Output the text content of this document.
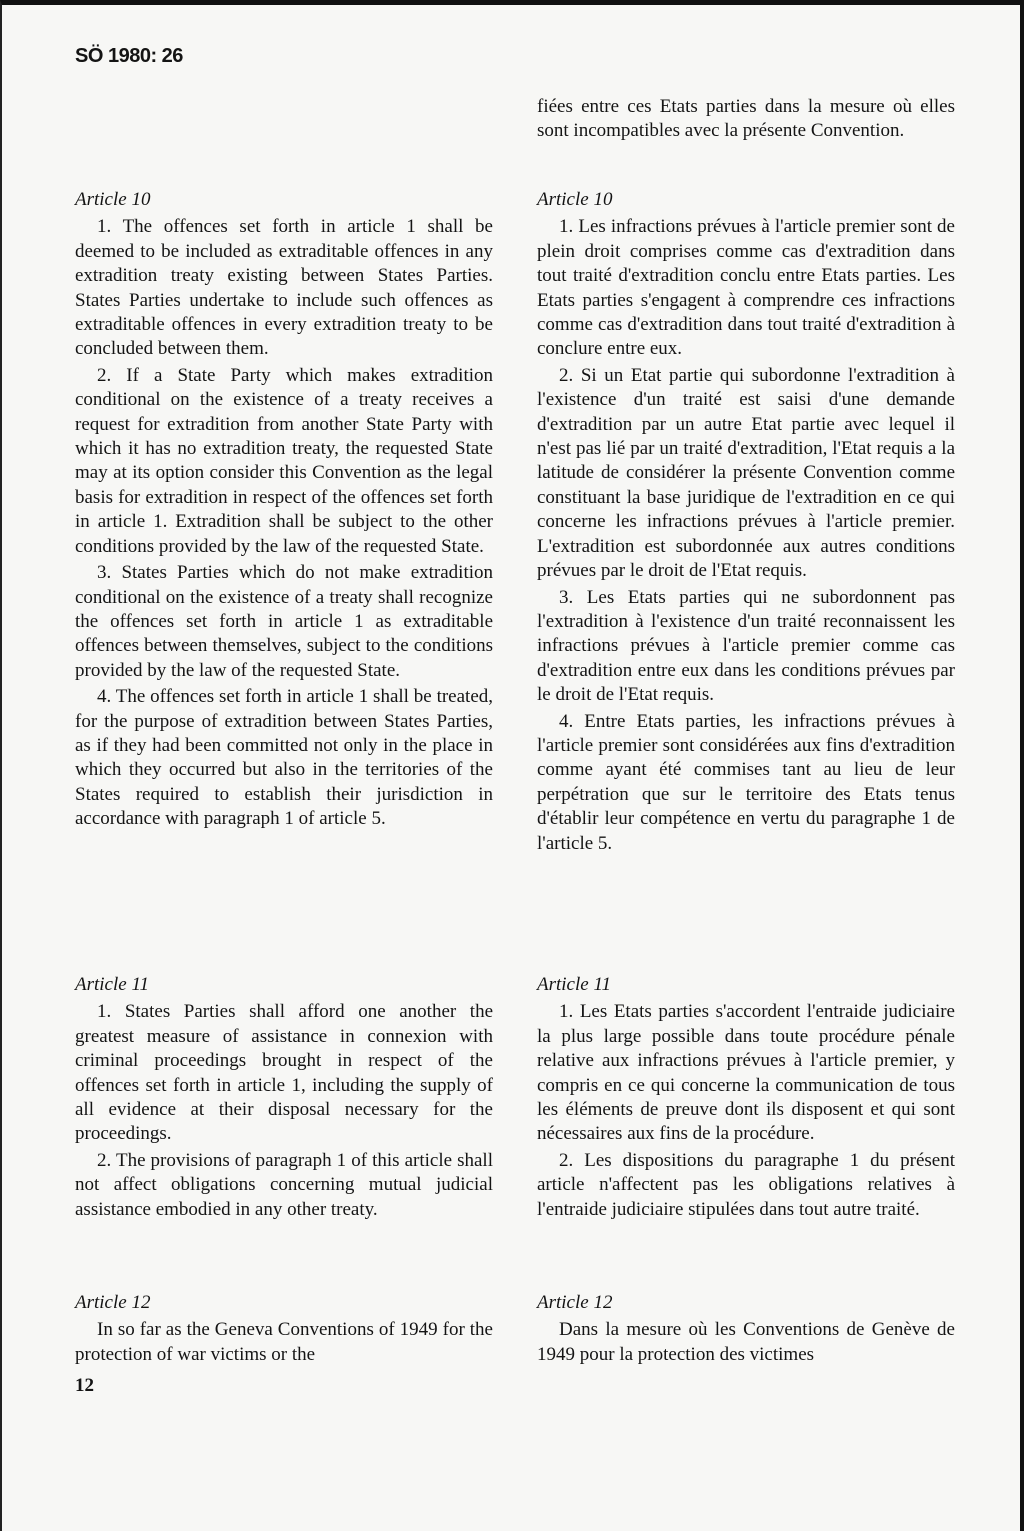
SÖ 1980: 26
Article 10

1. The offences set forth in article 1 shall be deemed to be included as extraditable offences in any extradition treaty existing between States Parties. States Parties undertake to include such offences as extraditable offences in every extradition treaty to be concluded between them.

2. If a State Party which makes extradition conditional on the existence of a treaty receives a request for extradition from another State Party with which it has no extradition treaty, the requested State may at its option consider this Convention as the legal basis for extradition in respect of the offences set forth in article 1. Extradition shall be subject to the other conditions provided by the law of the requested State.

3. States Parties which do not make extradition conditional on the existence of a treaty shall recognize the offences set forth in article 1 as extraditable offences between themselves, subject to the conditions provided by the law of the requested State.

4. The offences set forth in article 1 shall be treated, for the purpose of extradition between States Parties, as if they had been committed not only in the place in which they occurred but also in the territories of the States required to establish their jurisdiction in accordance with paragraph 1 of article 5.

Article 11

1. States Parties shall afford one another the greatest measure of assistance in connexion with criminal proceedings brought in respect of the offences set forth in article 1, including the supply of all evidence at their disposal necessary for the proceedings.

2. The provisions of paragraph 1 of this article shall not affect obligations concerning mutual judicial assistance embodied in any other treaty.

Article 12

In so far as the Geneva Conventions of 1949 for the protection of war victims or the

fiées entre ces Etats parties dans la mesure où elles sont incompatibles avec la présente Convention.

Article 10

1. Les infractions prévues à l'article premier sont de plein droit comprises comme cas d'extradition dans tout traité d'extradition conclu entre Etats parties. Les Etats parties s'engagent à comprendre ces infractions comme cas d'extradition dans tout traité d'extradition à conclure entre eux.

2. Si un Etat partie qui subordonne l'extradition à l'existence d'un traité est saisi d'une demande d'extradition par un autre Etat partie avec lequel il n'est pas lié par un traité d'extradition, l'Etat requis a la latitude de considérer la présente Convention comme constituant la base juridique de l'extradition en ce qui concerne les infractions prévues à l'article premier. L'extradition est subordonnée aux autres conditions prévues par le droit de l'Etat requis.

3. Les Etats parties qui ne subordonnent pas l'extradition à l'existence d'un traité reconnaissent les infractions prévues à l'article premier comme cas d'extradition entre eux dans les conditions prévues par le droit de l'Etat requis.

4. Entre Etats parties, les infractions prévues à l'article premier sont considérées aux fins d'extradition comme ayant été commises tant au lieu de leur perpétration que sur le territoire des Etats tenus d'établir leur compétence en vertu du paragraphe 1 de l'article 5.

Article 11

1. Les Etats parties s'accordent l'entraide judiciaire la plus large possible dans toute procédure pénale relative aux infractions prévues à l'article premier, y compris en ce qui concerne la communication de tous les éléments de preuve dont ils disposent et qui sont nécessaires aux fins de la procédure.

2. Les dispositions du paragraphe 1 du présent article n'affectent pas les obligations relatives à l'entraide judiciaire stipulées dans tout autre traité.

Article 12

Dans la mesure où les Conventions de Genève de 1949 pour la protection des victimes

12
